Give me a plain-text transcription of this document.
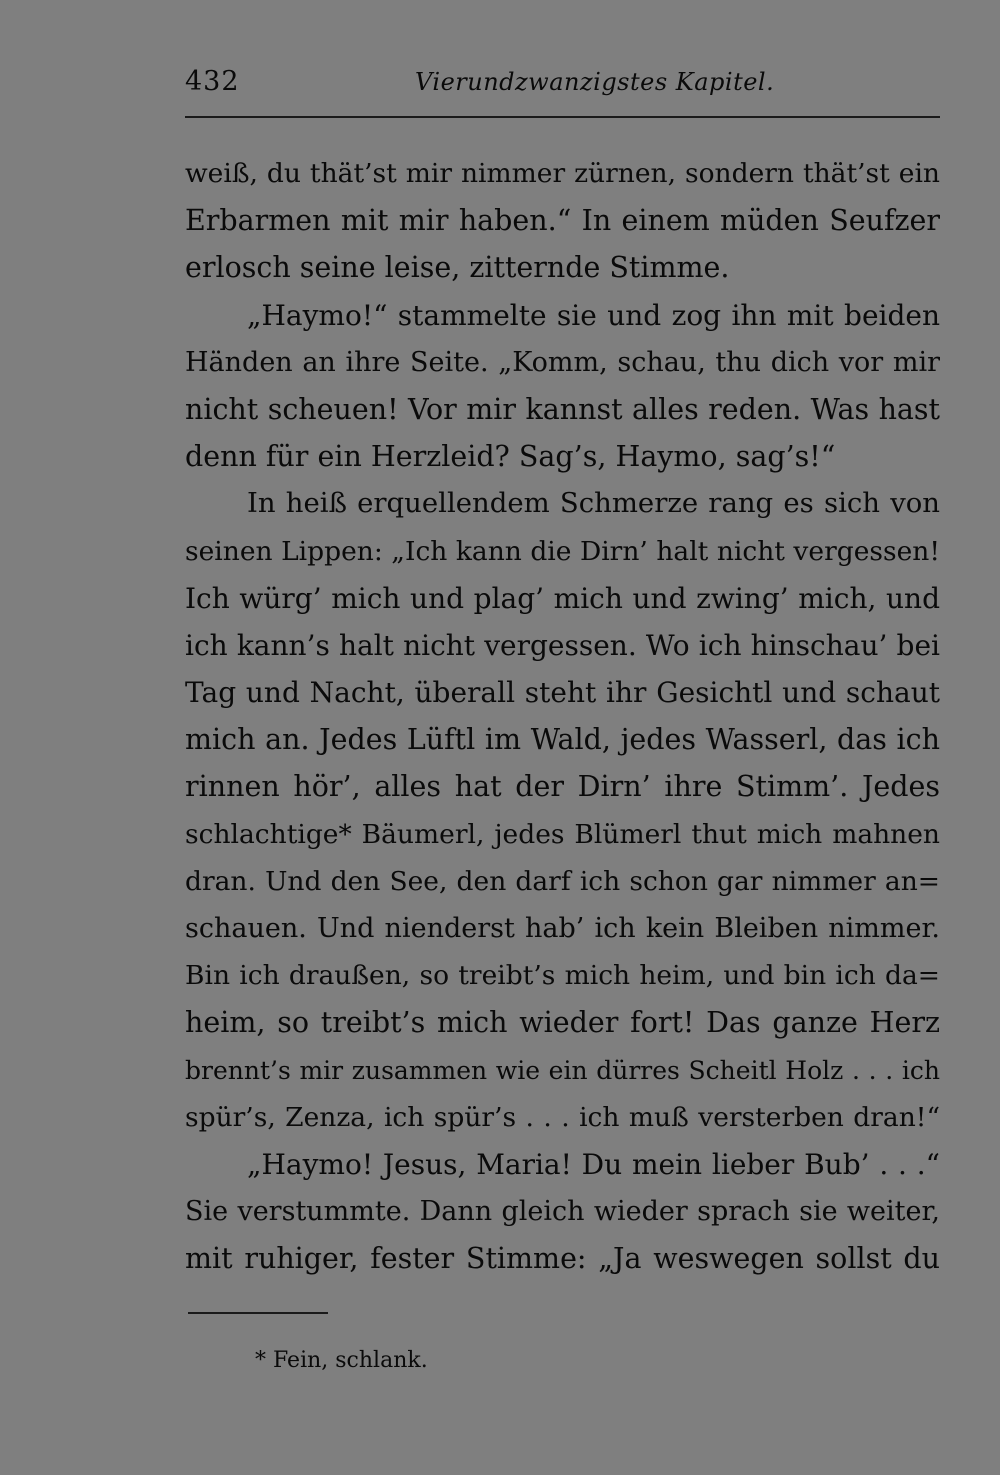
432	Vierundzwanzigstes Kapitel.
weiß, du thät’st mir nimmer zürnen, sondern thät’st ein
Erbarmen mit mir haben.“ In einem müden Seufzer
erlosch seine leise, zitternde Stimme.
„Haymo!“ stammelte sie und zog ihn mit beiden
Händen an ihre Seite. „Komm, schau, thu dich vor mir
nicht scheuen! Vor mir kannst alles reden. Was hast
denn für ein Herzleid? Sag’s, Haymo, sag’s!“
In heiß erquellendem Schmerze rang es sich von
seinen Lippen: „Ich kann die Dirn’ halt nicht vergessen!
Ich würg’ mich und plag’ mich und zwing’ mich, und
ich kann’s halt nicht vergessen. Wo ich hinschau’ bei
Tag und Nacht, überall steht ihr Gesichtl und schaut
mich an. Jedes Lüftl im Wald, jedes Wasserl, das ich
rinnen hör’, alles hat der Dirn’ ihre Stimm’. Jedes
schlachtige* Bäumerl, jedes Blümerl thut mich mahnen
dran. Und den See, den darf ich schon gar nimmer an=
schauen. Und nienderst hab’ ich kein Bleiben nimmer.
Bin ich draußen, so treibt’s mich heim, und bin ich da=
heim, so treibt’s mich wieder fort! Das ganze Herz
brennt’s mir zusammen wie ein dürres Scheitl Holz . . . ich
spür’s, Zenza, ich spür’s . . . ich muß versterben dran!“
„Haymo! Jesus, Maria! Du mein lieber Bub’ . . .“
Sie verstummte. Dann gleich wieder sprach sie weiter,
mit ruhiger, fester Stimme: „Ja weswegen sollst du
* Fein, schlank.
